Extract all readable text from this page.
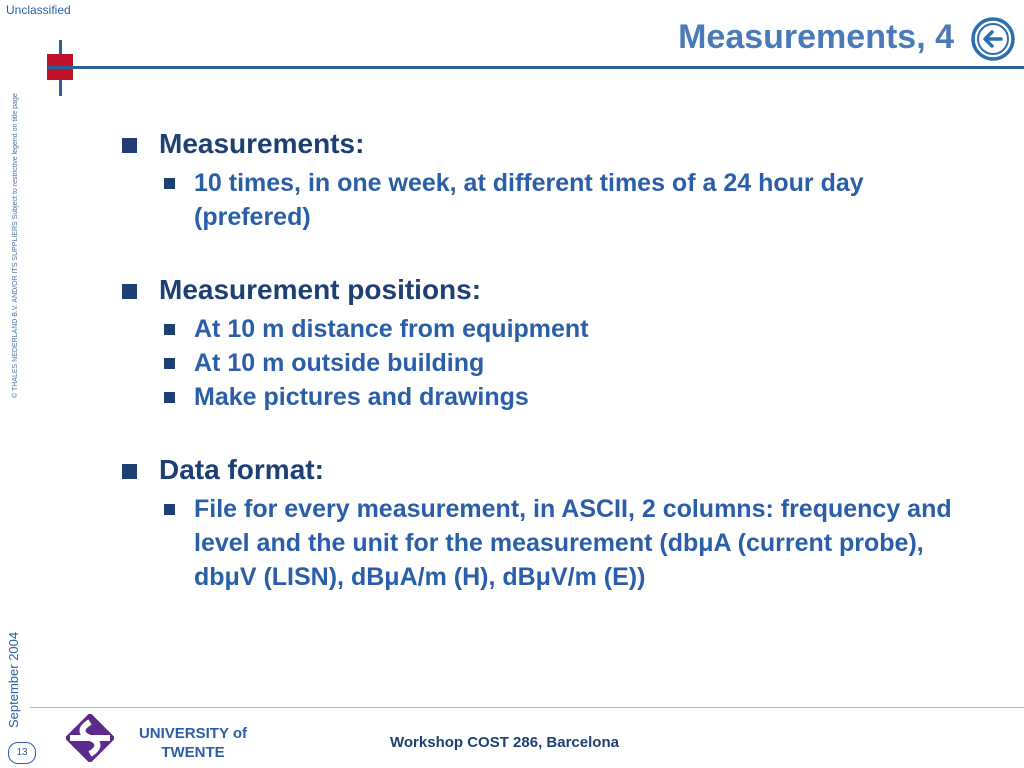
Unclassified
Measurements, 4
© THALES NEDERLAND B.V. AND/OR ITS SUPPLIERS Subject to restrictive legend on title page
September 2004
Measurements:
10 times, in one week, at different times of a 24 hour day (prefered)
Measurement positions:
At 10 m distance from equipment
At 10 m outside building
Make pictures and drawings
Data format:
File for every measurement, in ASCII, 2 columns: frequency and level and the unit for the measurement (dbμA (current probe), dbμV (LISN), dBμA/m (H), dBμV/m (E))
UNIVERSITY of
TWENTE
Workshop COST 286, Barcelona
13
